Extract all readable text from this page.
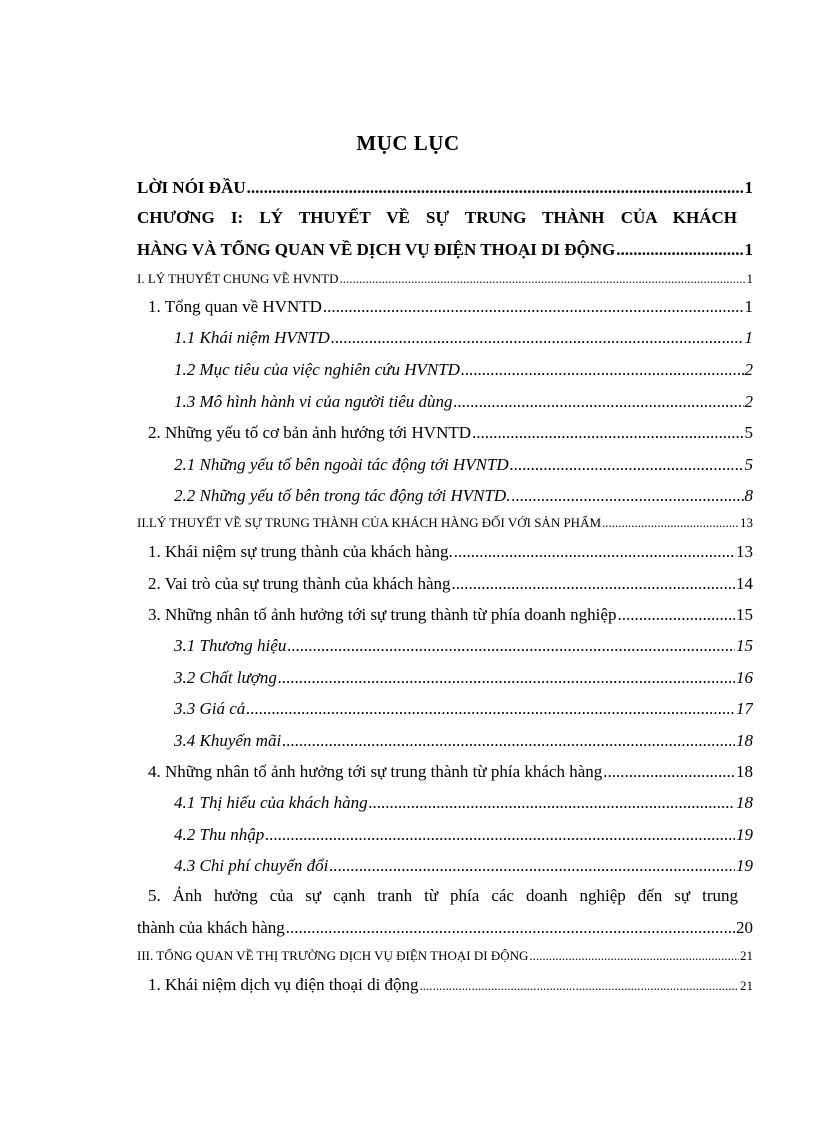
MỤC LỤC
LỜI NÓI ĐẦU .....	1
CHƯƠNG I: LÝ THUYẾT VỀ SỰ TRUNG THÀNH CỦA KHÁCH
HÀNG VÀ TỔNG QUAN VỀ DỊCH VỤ ĐIỆN THOẠI DI ĐỘNG .....	1
I. LÝ THUYẾT CHUNG VỀ HVNTD .....	1
1. Tổng quan về HVNTD .....	1
1.1 Khái niệm HVNTD .....	1
1.2 Mục tiêu của việc nghiên cứu HVNTD .....	2
1.3 Mô hình hành vi của người tiêu dùng .....	2
2. Những yếu tố cơ bản ảnh hướng tới HVNTD .....	5
2.1 Những yếu tố bên ngoài tác động tới HVNTD .....	5
2.2 Những yếu tố bên trong tác động tới HVNTD. .....	8
II.LÝ THUYẾT VỀ SỰ TRUNG THÀNH CỦA KHÁCH HÀNG ĐỐI VỚI SẢN PHẨM .....	13
1. Khái niệm sự trung thành của khách hàng. .....	13
2. Vai trò của sự trung thành của khách hàng .....	14
3. Những nhân tố ảnh hưởng tới sự trung thành từ phía doanh nghiệp .....	15
3.1 Thương hiệu .....	15
3.2 Chất lượng .....	16
3.3 Giá cả .....	17
3.4 Khuyến mãi .....	18
4. Những nhân tố ảnh hưởng tới sự trung thành từ phía khách hàng .....	18
4.1 Thị hiếu của khách hàng .....	18
4.2 Thu nhập .....	19
4.3 Chi phí chuyển đổi .....	19
5. Ảnh hưởng của sự cạnh tranh từ phía các doanh nghiệp đến sự trung
thành của khách hàng .....	20
III. TỔNG QUAN VỀ THỊ TRƯỜNG DỊCH VỤ ĐIỆN THOẠI DI ĐỘNG .....	21
1. Khái niệm dịch vụ điện thoại di động .....	21
